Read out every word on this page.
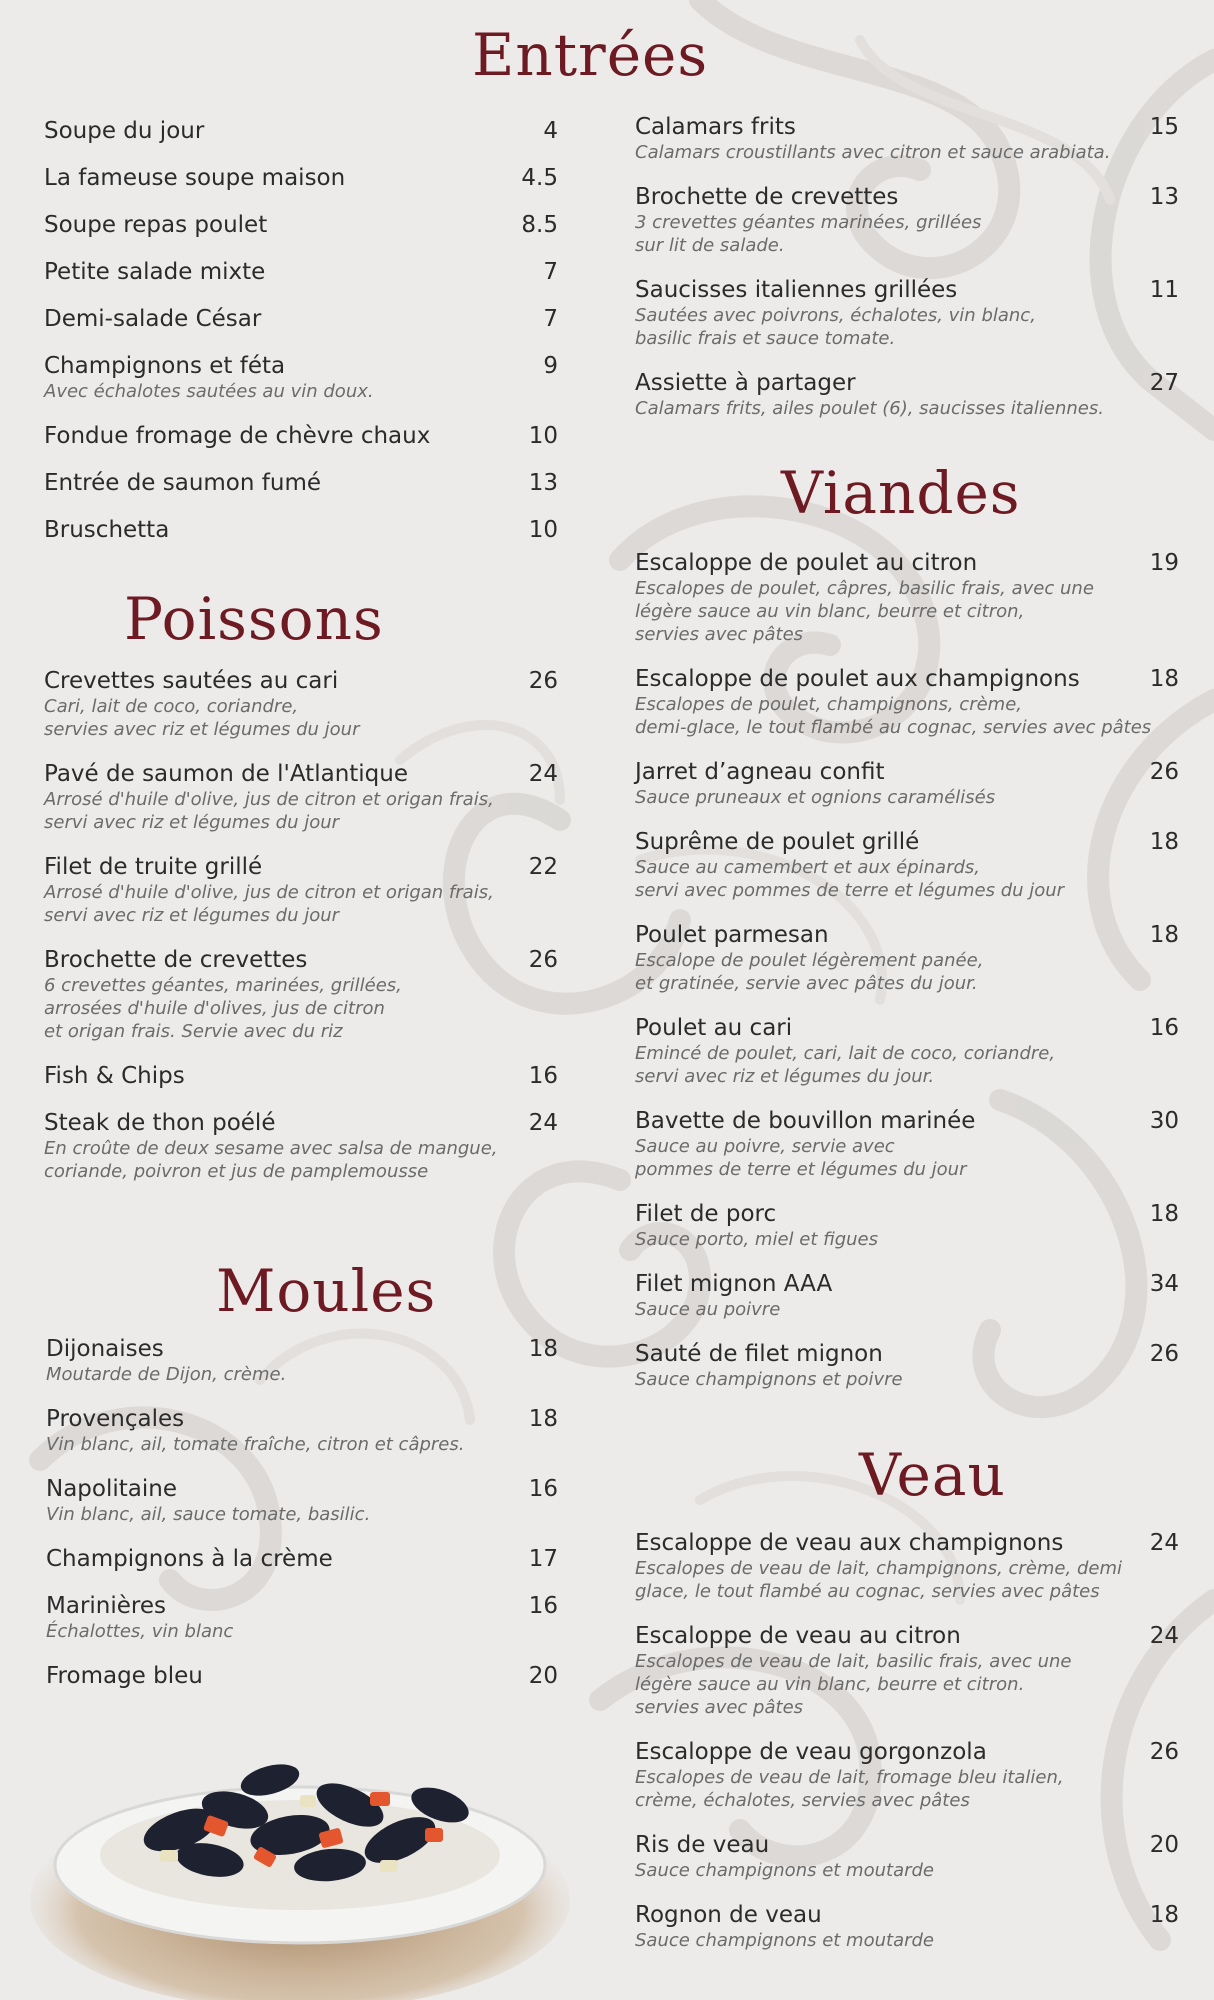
Entrées
Soupe du jour	4
La fameuse soupe maison	4.5
Soupe repas poulet	8.5
Petite salade mixte	7
Demi-salade César	7
Champignons et féta	9
Avec échalotes sautées au vin doux.
Fondue fromage de chèvre chaux	10
Entrée de saumon fumé	13
Bruschetta	10
Poissons
Crevettes sautées au cari	26
Cari, lait de coco, coriandre,
servies avec riz et légumes du jour
Pavé de saumon de l'Atlantique	24
Arrosé d'huile d'olive, jus de citron et origan frais,
servi avec riz et légumes du jour
Filet de truite grillé	22
Arrosé d'huile d'olive, jus de citron et origan frais,
servi avec riz et légumes du jour
Brochette de crevettes	26
6 crevettes géantes, marinées, grillées,
arrosées d'huile d'olives, jus de citron
et origan frais. Servie avec du riz
Fish & Chips	16
Steak de thon poélé	24
En croûte de deux sesame avec salsa de mangue,
coriande, poivron et jus de pamplemousse
Moules
Dijonaises	18
Moutarde de Dijon, crème.
Provençales	18
Vin blanc, ail, tomate fraîche, citron et câpres.
Napolitaine	16
Vin blanc, ail, sauce tomate, basilic.
Champignons à la crème	17
Marinières	16
Échalottes, vin blanc
Fromage bleu	20
Calamars frits	15
Calamars croustillants avec citron et sauce arabiata.
Brochette de crevettes	13
3 crevettes géantes marinées, grillées
sur lit de salade.
Saucisses italiennes grillées	11
Sautées avec poivrons, échalotes, vin blanc,
basilic frais et sauce tomate.
Assiette à partager	27
Calamars frits, ailes poulet (6), saucisses italiennes.
Viandes
Escaloppe de poulet au citron	19
Escalopes de poulet, câpres, basilic frais, avec une
légère sauce au vin blanc, beurre et citron,
servies avec pâtes
Escaloppe de poulet aux champignons	18
Escalopes de poulet, champignons, crème,
demi-glace, le tout flambé au cognac, servies avec pâtes
Jarret d’agneau confit	26
Sauce pruneaux et ognions caramélisés
Suprême de poulet grillé	18
Sauce au camembert et aux épinards,
servi avec pommes de terre et légumes du jour
Poulet parmesan	18
Escalope de poulet légèrement panée,
et gratinée, servie avec pâtes du jour.
Poulet au cari	16
Emincé de poulet, cari, lait de coco, coriandre,
servi avec riz et légumes du jour.
Bavette de bouvillon marinée	30
Sauce au poivre, servie avec
pommes de terre et légumes du jour
Filet de porc	18
Sauce porto, miel et figues
Filet mignon AAA	34
Sauce au poivre
Sauté de filet mignon	26
Sauce champignons et poivre
Veau
Escaloppe de veau aux champignons	24
Escalopes de veau de lait, champignons, crème, demi
glace, le tout flambé au cognac, servies avec pâtes
Escaloppe de veau au citron	24
Escalopes de veau de lait, basilic frais, avec une
légère sauce au vin blanc, beurre et citron.
servies avec pâtes
Escaloppe de veau gorgonzola	26
Escalopes de veau de lait, fromage bleu italien,
crème, échalotes, servies avec pâtes
Ris de veau	20
Sauce champignons et moutarde
Rognon de veau	18
Sauce champignons et moutarde
